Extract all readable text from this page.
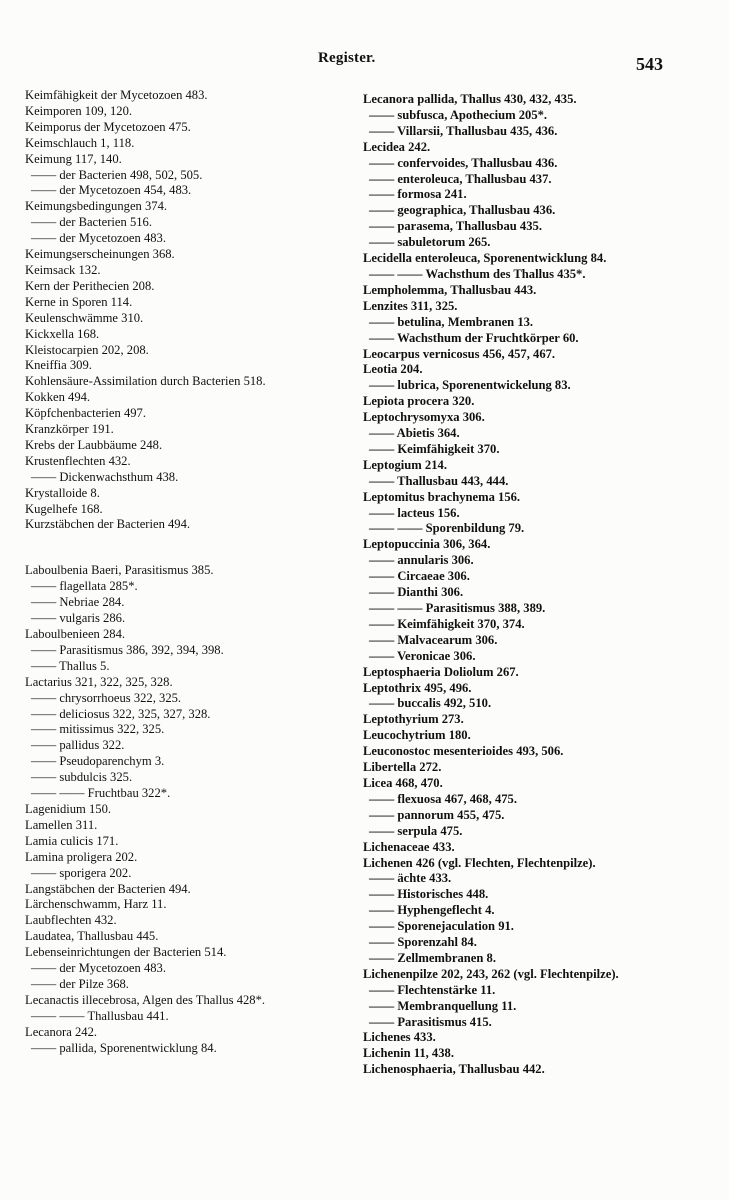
Register.	543
Keimfähigkeit der Mycetozoen 483.
Keimporen 109, 120.
Keimporus der Mycetozoen 475.
Keimschlauch 1, 118.
Keimung 117, 140.
—— der Bacterien 498, 502, 505.
—— der Mycetozoen 454, 483.
Keimungsbedingungen 374.
—— der Bacterien 516.
—— der Mycetozoen 483.
Keimungserscheinungen 368.
Keimsack 132.
Kern der Perithecien 208.
Kerne in Sporen 114.
Keulenschwämme 310.
Kickxella 168.
Kleistocarpien 202, 208.
Kneiffia 309.
Kohlensäure-Assimilation durch Bacterien 518.
Kokken 494.
Köpfchenbacterien 497.
Kranzkörper 191.
Krebs der Laubbäume 248.
Krustenflechten 432.
—— Dickenwachsthum 438.
Krystalloide 8.
Kugelhefe 168.
Kurzstäbchen der Bacterien 494.
Laboulbenia Baeri, Parasitismus 385.
—— flagellata 285*.
—— Nebriae 284.
—— vulgaris 286.
Laboulbenieen 284.
—— Parasitismus 386, 392, 394, 398.
—— Thallus 5.
Lactarius 321, 322, 325, 328.
—— chrysorrhoeus 322, 325.
—— deliciosus 322, 325, 327, 328.
—— mitissimus 322, 325.
—— pallidus 322.
—— Pseudoparenchym 3.
—— subdulcis 325.
—— —— Fruchtbau 322*.
Lagenidium 150.
Lamellen 311.
Lamia culicis 171.
Lamina proligera 202.
—— sporigera 202.
Langstäbchen der Bacterien 494.
Lärchenschwamm, Harz 11.
Laubflechten 432.
Laudatea, Thallusbau 445.
Lebenseinrichtungen der Bacterien 514.
—— der Mycetozoen 483.
—— der Pilze 368.
Lecanactis illecebrosa, Algen des Thallus 428*.
—— —— Thallusbau 441.
Lecanora 242.
—— pallida, Sporenentwicklung 84.
Lecanora pallida, Thallus 430, 432, 435.
—— subfusca, Apothecium 205*.
—— Villarsii, Thallusbau 435, 436.
Lecidea 242.
—— confervoides, Thallusbau 436.
—— enteroleuca, Thallusbau 437.
—— formosa 241.
—— geographica, Thallusbau 436.
—— parasema, Thallusbau 435.
—— sabuletorum 265.
Lecidella enteroleuca, Sporenentwicklung 84.
—— —— Wachsthum des Thallus 435*.
Lempholemma, Thallusbau 443.
Lenzites 311, 325.
—— betulina, Membranen 13.
—— Wachsthum der Fruchtkörper 60.
Leocarpus vernicosus 456, 457, 467.
Leotia 204.
—— lubrica, Sporenentwickelung 83.
Lepiota procera 320.
Leptochrysomyxa 306.
—— Abietis 364.
—— Keimfähigkeit 370.
Leptogium 214.
—— Thallusbau 443, 444.
Leptomitus brachynema 156.
—— lacteus 156.
—— —— Sporenbildung 79.
Leptopuccinia 306, 364.
—— annularis 306.
—— Circaeae 306.
—— Dianthi 306.
—— —— Parasitismus 388, 389.
—— Keimfähigkeit 370, 374.
—— Malvacearum 306.
—— Veronicae 306.
Leptosphaeria Doliolum 267.
Leptothrix 495, 496.
—— buccalis 492, 510.
Leptothyrium 273.
Leucochytrium 180.
Leuconostoc mesenterioides 493, 506.
Libertella 272.
Licea 468, 470.
—— flexuosa 467, 468, 475.
—— pannorum 455, 475.
—— serpula 475.
Lichenaceae 433.
Lichenen 426 (vgl. Flechten, Flechtenpilze).
—— ächte 433.
—— Historisches 448.
—— Hyphengeflecht 4.
—— Sporenejaculation 91.
—— Sporenzahl 84.
—— Zellmembranen 8.
Lichenenpilze 202, 243, 262 (vgl. Flechtenpilze).
—— Flechtenstärke 11.
—— Membranquellung 11.
—— Parasitismus 415.
Lichenes 433.
Lichenin 11, 438.
Lichenosphaeria, Thallusbau 442.
